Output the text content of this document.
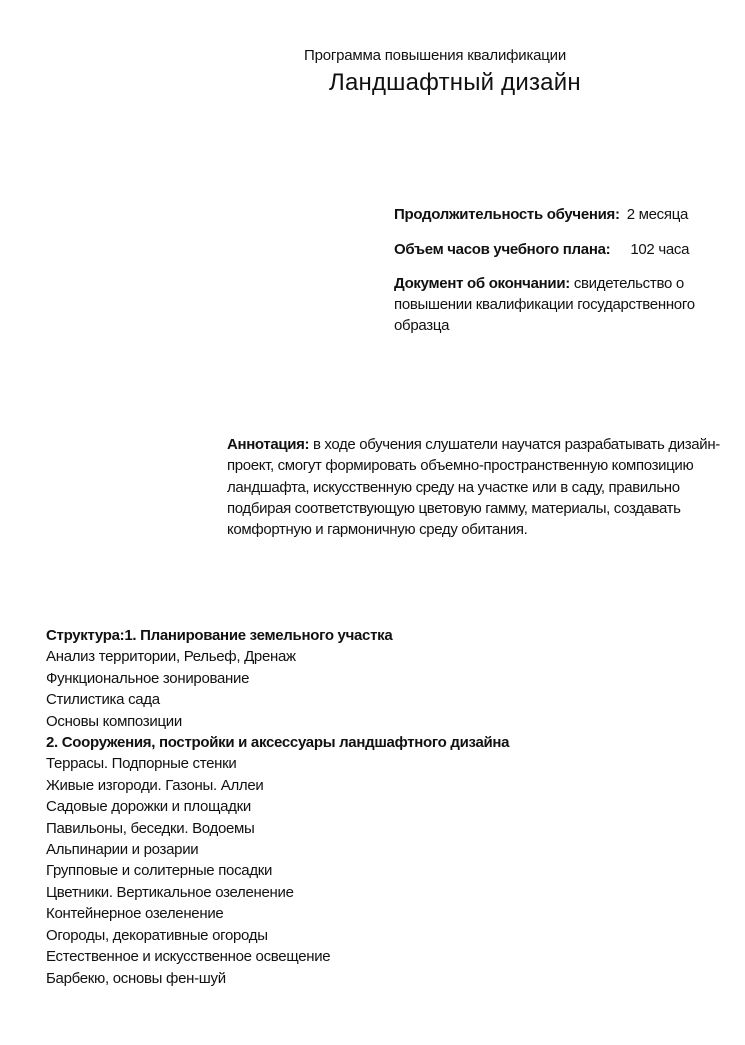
Программа повышения квалификации
Ландшафтный дизайн
Продолжительность обучения: 2 месяца
Объем часов учебного плана: 102 часа
Документ об окончании: свидетельство о повышении квалификации государственного образца
Аннотация: в ходе обучения слушатели научатся разрабатывать дизайн-проект, смогут формировать объемно-пространственную композицию ландшафта, искусственную среду на участке или в саду, правильно подбирая соответствующую цветовую гамму, материалы, создавать комфортную и гармоничную среду обитания.
Структура:1. Планирование земельного участка
Анализ территории, Рельеф, Дренаж
Функциональное зонирование
Стилистика сада
Основы композиции
2. Сооружения, постройки и аксессуары ландшафтного дизайна
Террасы. Подпорные стенки
Живые изгороди. Газоны. Аллеи
Садовые дорожки и площадки
Павильоны, беседки. Водоемы
Альпинарии и розарии
Групповые и солитерные посадки
Цветники. Вертикальное озеленение
Контейнерное озеленение
Огороды, декоративные огороды
Естественное и искусственное освещение
Барбекю, основы фен-шуй
